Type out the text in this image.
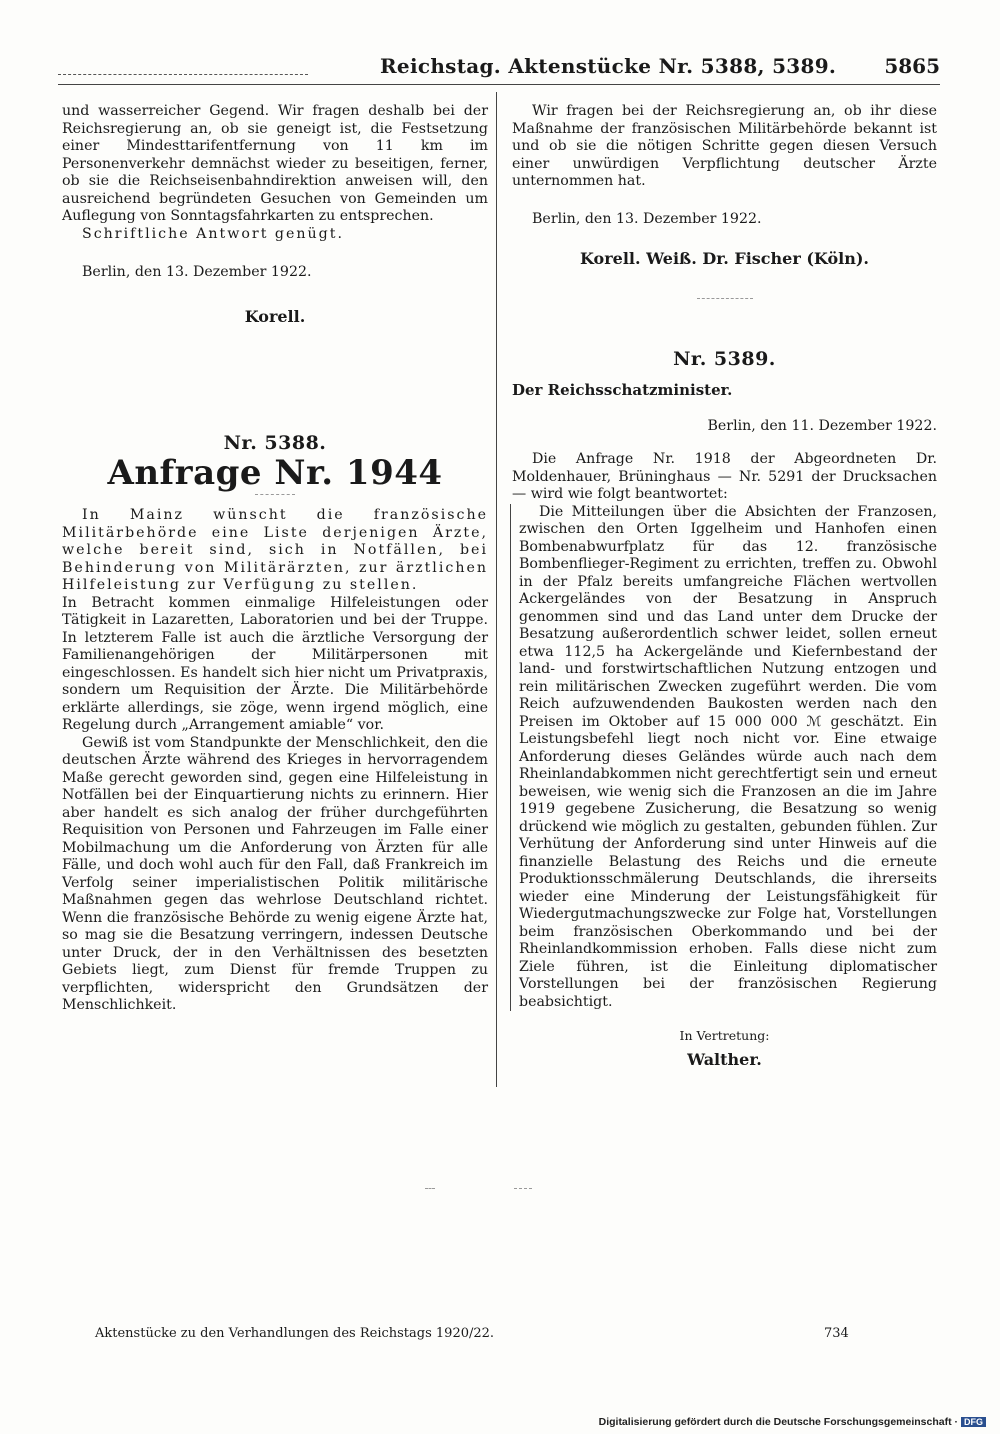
Reichstag. Aktenstücke Nr. 5388, 5389. 5865

und wasserreicher Gegend. Wir fragen deshalb bei der Reichsregierung an, ob sie geneigt ist, die Festsetzung einer Mindesttarifentfernung von 11 km im Personenverkehr demnächst wieder zu beseitigen, ferner, ob sie die Reichseisenbahndirektion anweisen will, den ausreichend begründeten Gesuchen von Gemeinden um Auflegung von Sonntagsfahrkarten zu entsprechen.

Schriftliche Antwort genügt.

Berlin, den 13. Dezember 1922.

Korell.

Nr. 5388.

Anfrage Nr. 1944

In Mainz wünscht die französische Militärbehörde eine Liste derjenigen Ärzte, welche bereit sind, sich in Notfällen, bei Behinderung von Militärärzten, zur ärztlichen Hilfeleistung zur Verfügung zu stellen.

In Betracht kommen einmalige Hilfeleistungen oder Tätigkeit in Lazaretten, Laboratorien und bei der Truppe. In letzterem Falle ist auch die ärztliche Versorgung der Familienangehörigen der Militärpersonen mit eingeschlossen. Es handelt sich hier nicht um Privatpraxis, sondern um Requisition der Ärzte. Die Militärbehörde erklärte allerdings, sie zöge, wenn irgend möglich, eine Regelung durch „Arrangement amiable“ vor.

Gewiß ist vom Standpunkte der Menschlichkeit, den die deutschen Ärzte während des Krieges in hervorragendem Maße gerecht geworden sind, gegen eine Hilfeleistung in Notfällen bei der Einquartierung nichts zu erinnern. Hier aber handelt es sich analog der früher durchgeführten Requisition von Personen und Fahrzeugen im Falle einer Mobilmachung um die Anforderung von Ärzten für alle Fälle, und doch wohl auch für den Fall, daß Frankreich im Verfolg seiner imperialistischen Politik militärische Maßnahmen gegen das wehrlose Deutschland richtet. Wenn die französische Behörde zu wenig eigene Ärzte hat, so mag sie die Besatzung verringern, indessen Deutsche unter Druck, der in den Verhältnissen des besetzten Gebiets liegt, zum Dienst für fremde Truppen zu verpflichten, widerspricht den Grundsätzen der Menschlichkeit.

Wir fragen bei der Reichsregierung an, ob ihr diese Maßnahme der französischen Militärbehörde bekannt ist und ob sie die nötigen Schritte gegen diesen Versuch einer unwürdigen Verpflichtung deutscher Ärzte unternommen hat.

Berlin, den 13. Dezember 1922.

Korell. Weiß. Dr. Fischer (Köln).

Nr. 5389.

Der Reichsschatzminister.

Berlin, den 11. Dezember 1922.

Die Anfrage Nr. 1918 der Abgeordneten Dr. Moldenhauer, Brüninghaus — Nr. 5291 der Drucksachen — wird wie folgt beantwortet:

Die Mitteilungen über die Absichten der Franzosen, zwischen den Orten Iggelheim und Hanhofen einen Bombenabwurfplatz für das 12. französische Bombenflieger-Regiment zu errichten, treffen zu. Obwohl in der Pfalz bereits umfangreiche Flächen wertvollen Ackergeländes von der Besatzung in Anspruch genommen sind und das Land unter dem Drucke der Besatzung außerordentlich schwer leidet, sollen erneut etwa 112,5 ha Ackergelände und Kiefernbestand der land- und forstwirtschaftlichen Nutzung entzogen und rein militärischen Zwecken zugeführt werden. Die vom Reich aufzuwendenden Baukosten werden nach den Preisen im Oktober auf 15 000 000 ℳ geschätzt. Ein Leistungsbefehl liegt noch nicht vor. Eine etwaige Anforderung dieses Geländes würde auch nach dem Rheinlandabkommen nicht gerechtfertigt sein und erneut beweisen, wie wenig sich die Franzosen an die im Jahre 1919 gegebene Zusicherung, die Besatzung so wenig drückend wie möglich zu gestalten, gebunden fühlen. Zur Verhütung der Anforderung sind unter Hinweis auf die finanzielle Belastung des Reichs und die erneute Produktionsschmälerung Deutschlands, die ihrerseits wieder eine Minderung der Leistungsfähigkeit für Wiedergutmachungszwecke zur Folge hat, Vorstellungen beim französischen Oberkommando und bei der Rheinlandkommission erhoben. Falls diese nicht zum Ziele führen, ist die Einleitung diplomatischer Vorstellungen bei der französischen Regierung beabsichtigt.

In Vertretung:

Walther.

Aktenstücke zu den Verhandlungen des Reichstags 1920/22.	734
Digitalisierung gefördert durch die Deutsche Forschungsgemeinschaft · DFG
